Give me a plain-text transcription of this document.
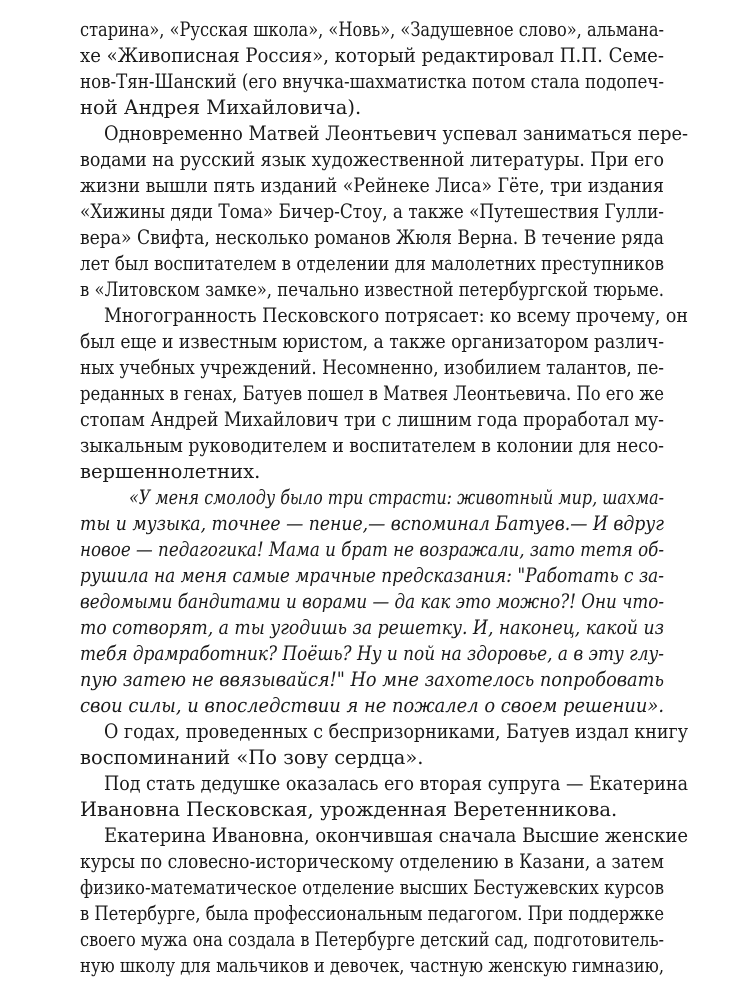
старина», «Русская школа», «Новь», «Задушевное слово», альмана-
хе «Живописная Россия», который редактировал П.П. Семе-
нов-Тян-Шанский (его внучка-шахматистка потом стала подопеч-
ной Андрея Михайловича).
Одновременно Матвей Леонтьевич успевал заниматься пере-
водами на русский язык художественной литературы. При его
жизни вышли пять изданий «Рейнеке Лиса» Гёте, три издания
«Хижины дяди Тома» Бичер-Стоу, а также «Путешествия Гулли-
вера» Свифта, несколько романов Жюля Верна. В течение ряда
лет был воспитателем в отделении для малолетних преступников
в «Литовском замке», печально известной петербургской тюрьме.
Многогранность Песковского потрясает: ко всему прочему, он
был еще и известным юристом, а также организатором различ-
ных учебных учреждений. Несомненно, изобилием талантов, пе-
реданных в генах, Батуев пошел в Матвея Леонтьевича. По его же
стопам Андрей Михайлович три с лишним года проработал му-
зыкальным руководителем и воспитателем в колонии для несо-
вершеннолетних.
«У меня смолоду было три страсти: животный мир, шахма-
ты и музыка, точнее — пение,— вспоминал Батуев.— И вдруг
новое — педагогика! Мама и брат не возражали, зато тетя об-
рушила на меня самые мрачные предсказания: "Работать с за-
ведомыми бандитами и ворами — да как это можно?! Они что-
то сотворят, а ты угодишь за решетку. И, наконец, какой из
тебя драмработник? Поёшь? Ну и пой на здоровье, а в эту глу-
пую затею не ввязывайся!" Но мне захотелось попробовать
свои силы, и впоследствии я не пожалел о своем решении».
О годах, проведенных с беспризорниками, Батуев издал книгу
воспоминаний «По зову сердца».
Под стать дедушке оказалась его вторая супруга — Екатерина
Ивановна Песковская, урожденная Веретенникова.
Екатерина Ивановна, окончившая сначала Высшие женские
курсы по словесно-историческому отделению в Казани, а затем
физико-математическое отделение высших Бестужевских курсов
в Петербурге, была профессиональным педагогом. При поддержке
своего мужа она создала в Петербурге детский сад, подготовитель-
ную школу для мальчиков и девочек, частную женскую гимназию,
